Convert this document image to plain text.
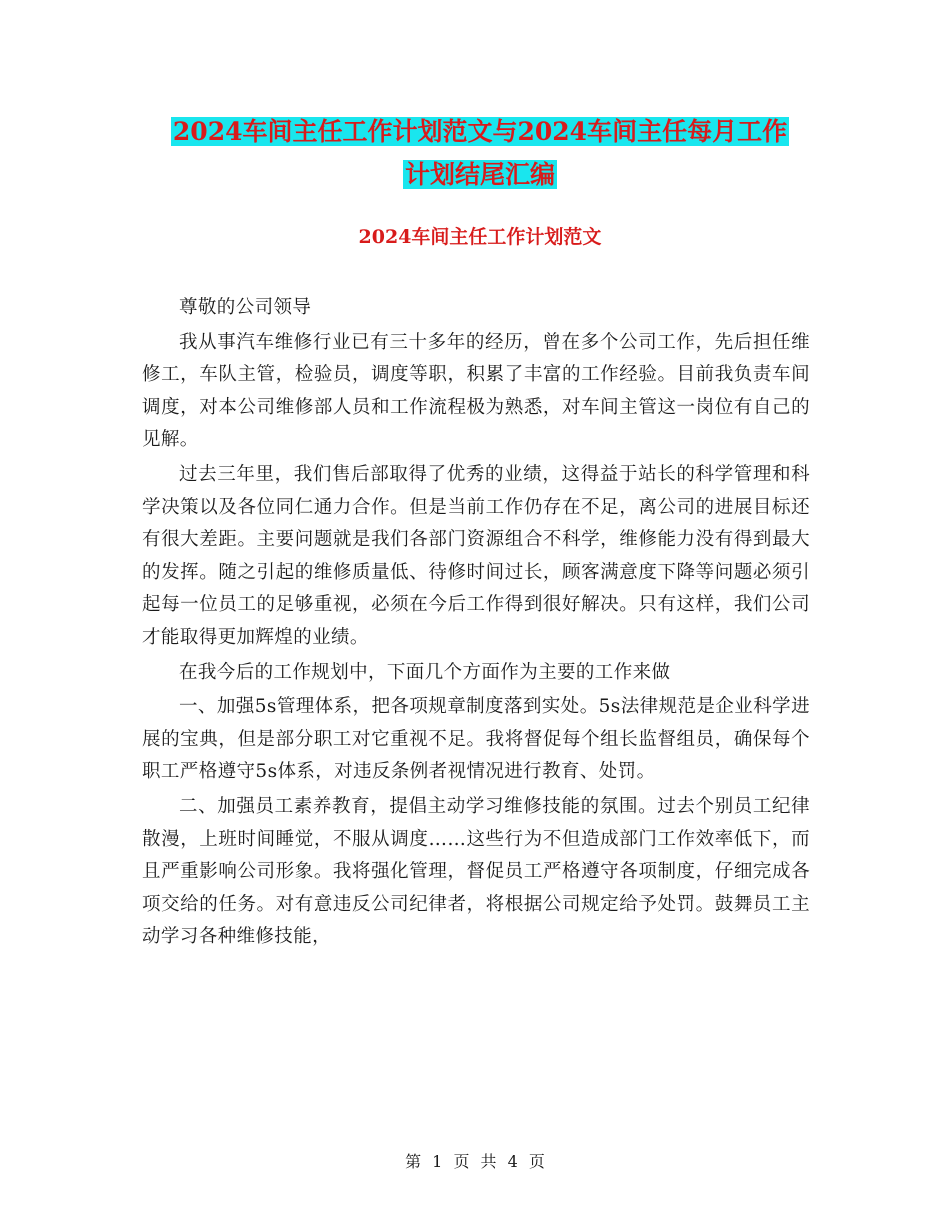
2024车间主任工作计划范文与2024车间主任每月工作
计划结尾汇编
2024车间主任工作计划范文

尊敬的公司领导

我从事汽车维修行业已有三十多年的经历，曾在多个公司工作，先后担任维修工，车队主管，检验员，调度等职，积累了丰富的工作经验。目前我负责车间调度，对本公司维修部人员和工作流程极为熟悉，对车间主管这一岗位有自己的见解。

过去三年里，我们售后部取得了优秀的业绩，这得益于站长的科学管理和科学决策以及各位同仁通力合作。但是当前工作仍存在不足，离公司的进展目标还有很大差距。主要问题就是我们各部门资源组合不科学，维修能力没有得到最大的发挥。随之引起的维修质量低、待修时间过长，顾客满意度下降等问题必须引起每一位员工的足够重视，必须在今后工作得到很好解决。只有这样，我们公司才能取得更加辉煌的业绩。

在我今后的工作规划中，下面几个方面作为主要的工作来做

一、加强5s管理体系，把各项规章制度落到实处。5s法律规范是企业科学进展的宝典，但是部分职工对它重视不足。我将督促每个组长监督组员，确保每个职工严格遵守5s体系，对违反条例者视情况进行教育、处罚。

二、加强员工素养教育，提倡主动学习维修技能的氛围。过去个别员工纪律散漫，上班时间睡觉，不服从调度……这些行为不但造成部门工作效率低下，而且严重影响公司形象。我将强化管理，督促员工严格遵守各项制度，仔细完成各项交给的任务。对有意违反公司纪律者，将根据公司规定给予处罚。鼓舞员工主动学习各种维修技能，

第 1 页 共 4 页
